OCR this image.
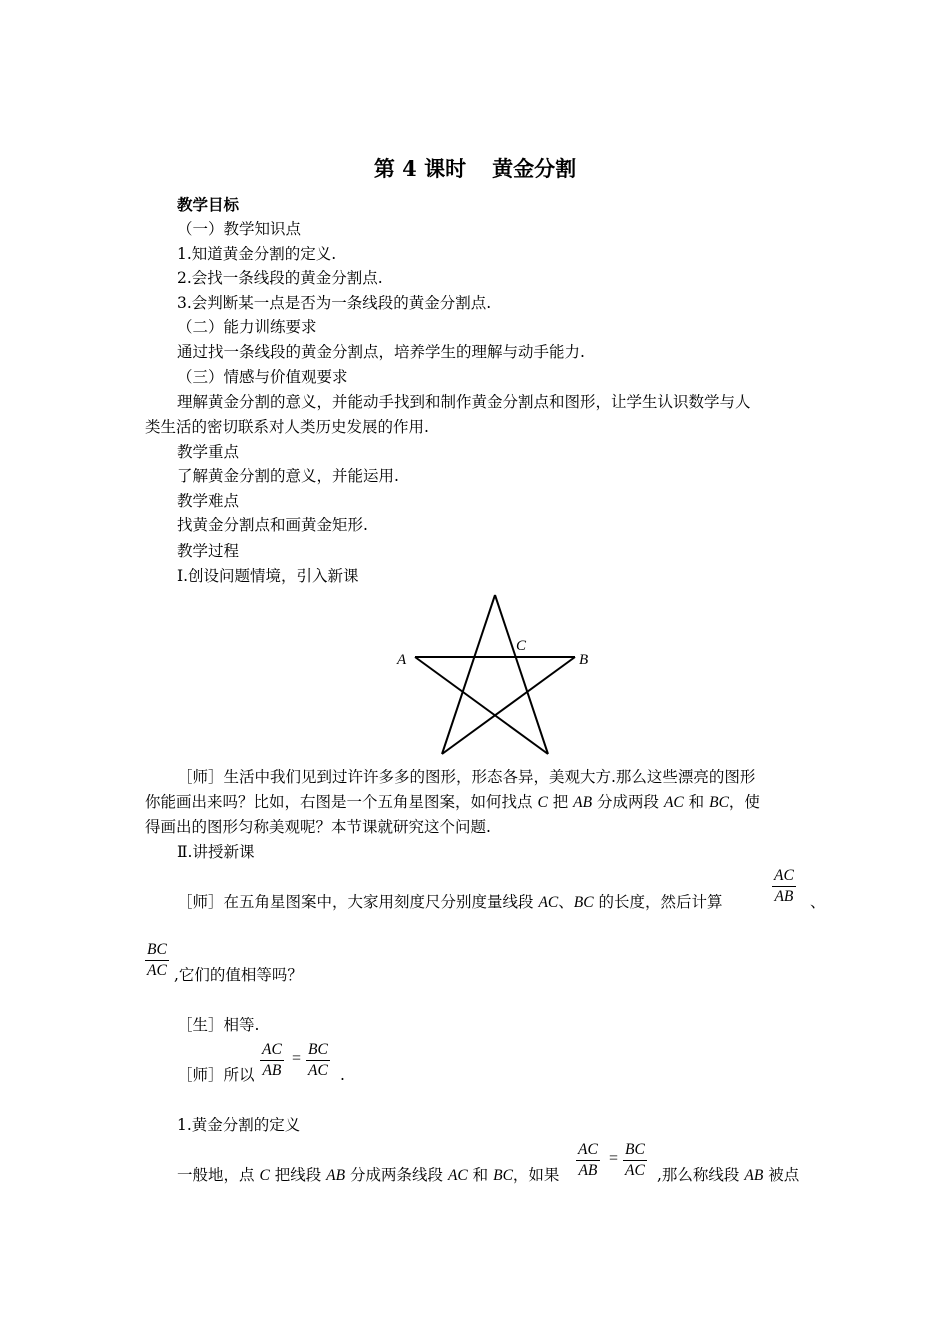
第 4 课时 黄金分割
教学目标
（一）教学知识点
1.知道黄金分割的定义.
2.会找一条线段的黄金分割点.
3.会判断某一点是否为一条线段的黄金分割点.
（二）能力训练要求
通过找一条线段的黄金分割点，培养学生的理解与动手能力.
（三）情感与价值观要求
理解黄金分割的意义，并能动手找到和制作黄金分割点和图形，让学生认识数学与人
类生活的密切联系对人类历史发展的作用.
教学重点
了解黄金分割的意义，并能运用.
教学难点
找黄金分割点和画黄金矩形.
教学过程
Ⅰ.创设问题情境，引入新课
A	B
C
［师］生活中我们见到过许许多多的图形，形态各异，美观大方.那么这些漂亮的图形
你能画出来吗？比如，右图是一个五角星图案，如何找点 C 把 AB 分成两段 AC 和 BC，使
得画出的图形匀称美观呢？本节课就研究这个问题.
Ⅱ.讲授新课
［师］在五角星图案中，大家用刻度尺分别度量线段 AC、BC 的长度，然后计算	$\frac{AC}{AB}$ 、
$\frac{BC}{AC}$ ,它们的值相等吗？
［生］相等.
［师］所以 $\frac{AC}{AB} = \frac{BC}{AC}$ .
1.黄金分割的定义
一般地，点 C 把线段 AB 分成两条线段 AC 和 BC，如果 $\frac{AC}{AB} = \frac{BC}{AC}$ ,那么称线段 AB 被点
